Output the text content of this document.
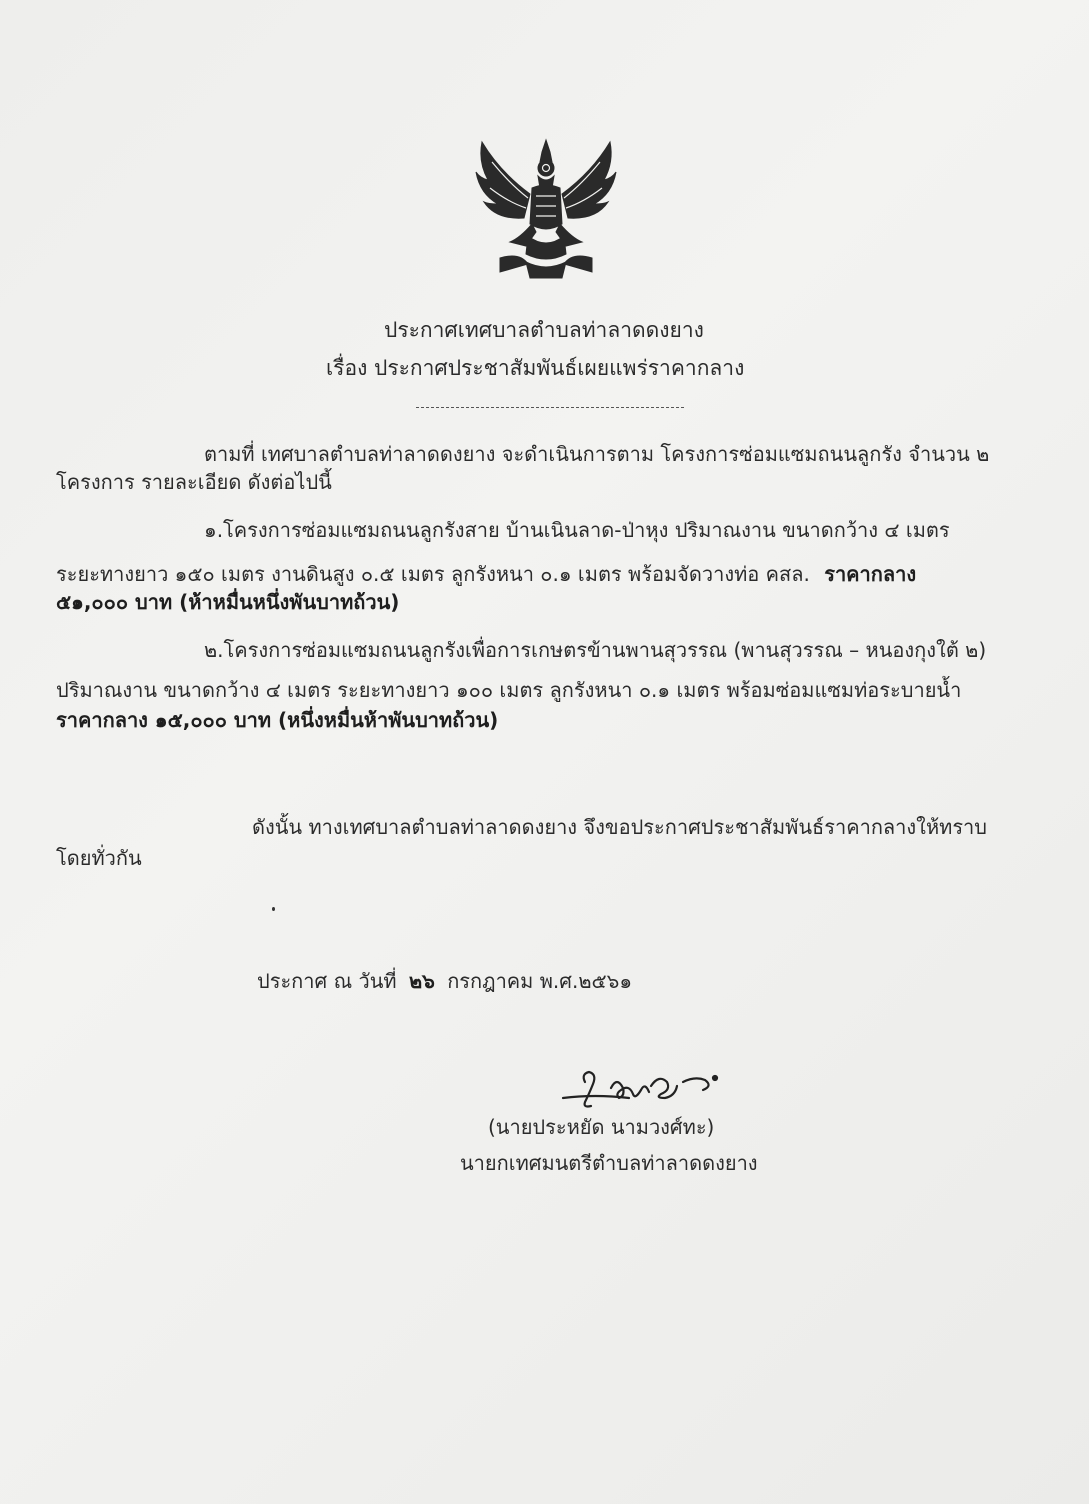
ประกาศเทศบาลตำบลท่าลาดดงยาง
เรื่อง ประกาศประชาสัมพันธ์เผยแพร่ราคากลาง
ตามที่ เทศบาลตำบลท่าลาดดงยาง จะดำเนินการตาม โครงการซ่อมแซมถนนลูกรัง จำนวน ๒
โครงการ รายละเอียด ดังต่อไปนี้
๑.โครงการซ่อมแซมถนนลูกรังสาย บ้านเนินลาด-ป่าหุง ปริมาณงาน ขนาดกว้าง ๔ เมตร
ระยะทางยาว ๑๕๐ เมตร งานดินสูง ๐.๕ เมตร ลูกรังหนา ๐.๑ เมตร พร้อมจัดวางท่อ คสล. ราคากลาง
๕๑,๐๐๐ บาท (ห้าหมื่นหนึ่งพันบาทถ้วน)
๒.โครงการซ่อมแซมถนนลูกรังเพื่อการเกษตรข้านพานสุวรรณ (พานสุวรรณ – หนองกุงใต้ ๒)
ปริมาณงาน ขนาดกว้าง ๔ เมตร ระยะทางยาว ๑๐๐ เมตร ลูกรังหนา ๐.๑ เมตร พร้อมซ่อมแซมท่อระบายน้ำ
ราคากลาง ๑๕,๐๐๐ บาท (หนึ่งหมื่นห้าพันบาทถ้วน)
ดังนั้น ทางเทศบาลตำบลท่าลาดดงยาง จึงขอประกาศประชาสัมพันธ์ราคากลางให้ทราบ
โดยทั่วกัน
ประกาศ ณ วันที่ ๒๖ กรกฎาคม พ.ศ.๒๕๖๑
(นายประหยัด นามวงศ์ทะ)
นายกเทศมนตรีตำบลท่าลาดดงยาง
